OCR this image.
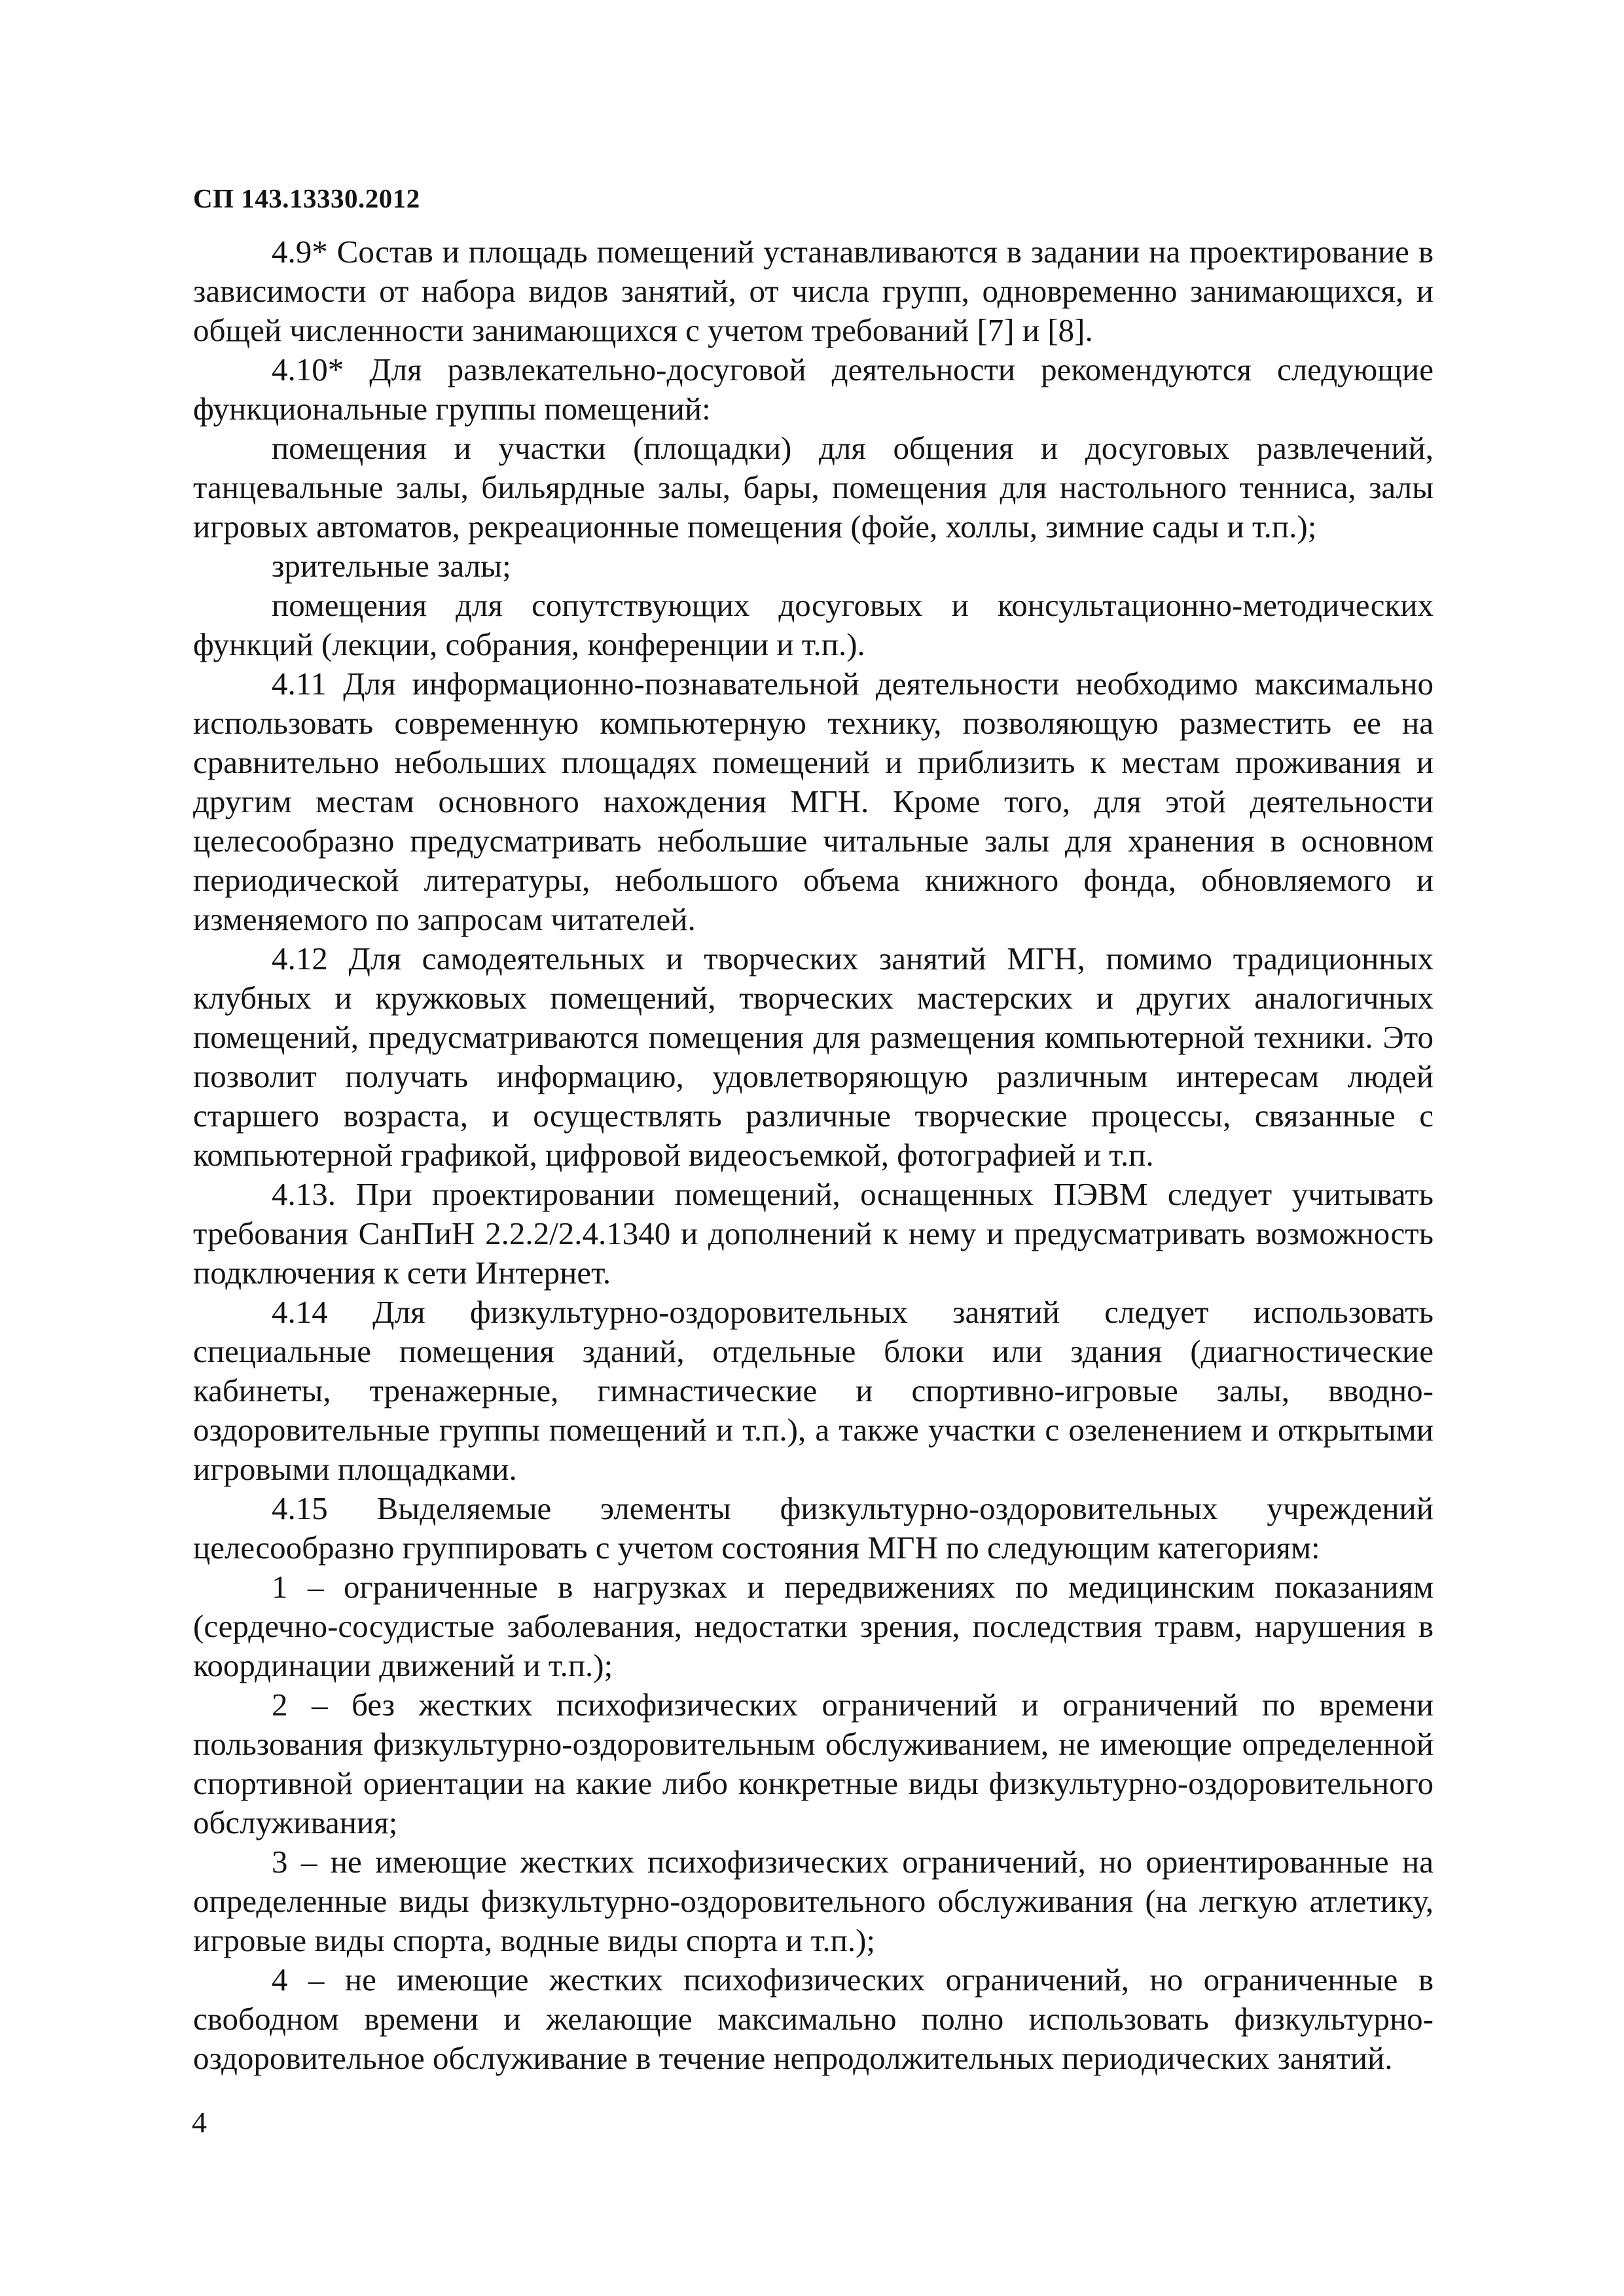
СП 143.13330.2012

4.9* Состав и площадь помещений устанавливаются в задании на проектирование в зависимости от набора видов занятий, от числа групп, одновременно занимающихся, и общей численности занимающихся с учетом требований [7] и [8].

4.10* Для развлекательно-досуговой деятельности рекомендуются следующие функциональные группы помещений:

помещения и участки (площадки) для общения и досуговых развлечений, танцевальные залы, бильярдные залы, бары, помещения для настольного тенниса, залы игровых автоматов, рекреационные помещения (фойе, холлы, зимние сады и т.п.);

зрительные залы;

помещения для сопутствующих досуговых и консультационно-методических функций (лекции, собрания, конференции и т.п.).

4.11 Для информационно-познавательной деятельности необходимо максимально использовать современную компьютерную технику, позволяющую разместить ее на сравнительно небольших площадях помещений и приблизить к местам проживания и другим местам основного нахождения МГН. Кроме того, для этой деятельности целесообразно предусматривать небольшие читальные залы для хранения в основном периодической литературы, небольшого объема книжного фонда, обновляемого и изменяемого по запросам читателей.

4.12 Для самодеятельных и творческих занятий МГН, помимо традиционных клубных и кружковых помещений, творческих мастерских и других аналогичных помещений, предусматриваются помещения для размещения компьютерной техники. Это позволит получать информацию, удовлетворяющую различным интересам людей старшего возраста, и осуществлять различные творческие процессы, связанные с компьютерной графикой, цифровой видеосъемкой, фотографией и т.п.

4.13. При проектировании помещений, оснащенных ПЭВМ следует учитывать требования СанПиН 2.2.2/2.4.1340 и дополнений к нему и предусматривать возможность подключения к сети Интернет.

4.14 Для физкультурно-оздоровительных занятий следует использовать специальные помещения зданий, отдельные блоки или здания (диагностические кабинеты, тренажерные, гимнастические и спортивно-игровые залы, вводно-оздоровительные группы помещений и т.п.), а также участки с озеленением и открытыми игровыми площадками.

4.15 Выделяемые элементы физкультурно-оздоровительных учреждений целесообразно группировать с учетом состояния МГН по следующим категориям:

1 – ограниченные в нагрузках и передвижениях по медицинским показаниям (сердечно-сосудистые заболевания, недостатки зрения, последствия травм, нарушения в координации движений и т.п.);

2 – без жестких психофизических ограничений и ограничений по времени пользования физкультурно-оздоровительным обслуживанием, не имеющие определенной спортивной ориентации на какие либо конкретные виды физкультурно-оздоровительного обслуживания;

3 – не имеющие жестких психофизических ограничений, но ориентированные на определенные виды физкультурно-оздоровительного обслуживания (на легкую атлетику, игровые виды спорта, водные виды спорта и т.п.);

4 – не имеющие жестких психофизических ограничений, но ограниченные в свободном времени и желающие максимально полно использовать физкультурно-оздоровительное обслуживание в течение непродолжительных периодических занятий.

4
